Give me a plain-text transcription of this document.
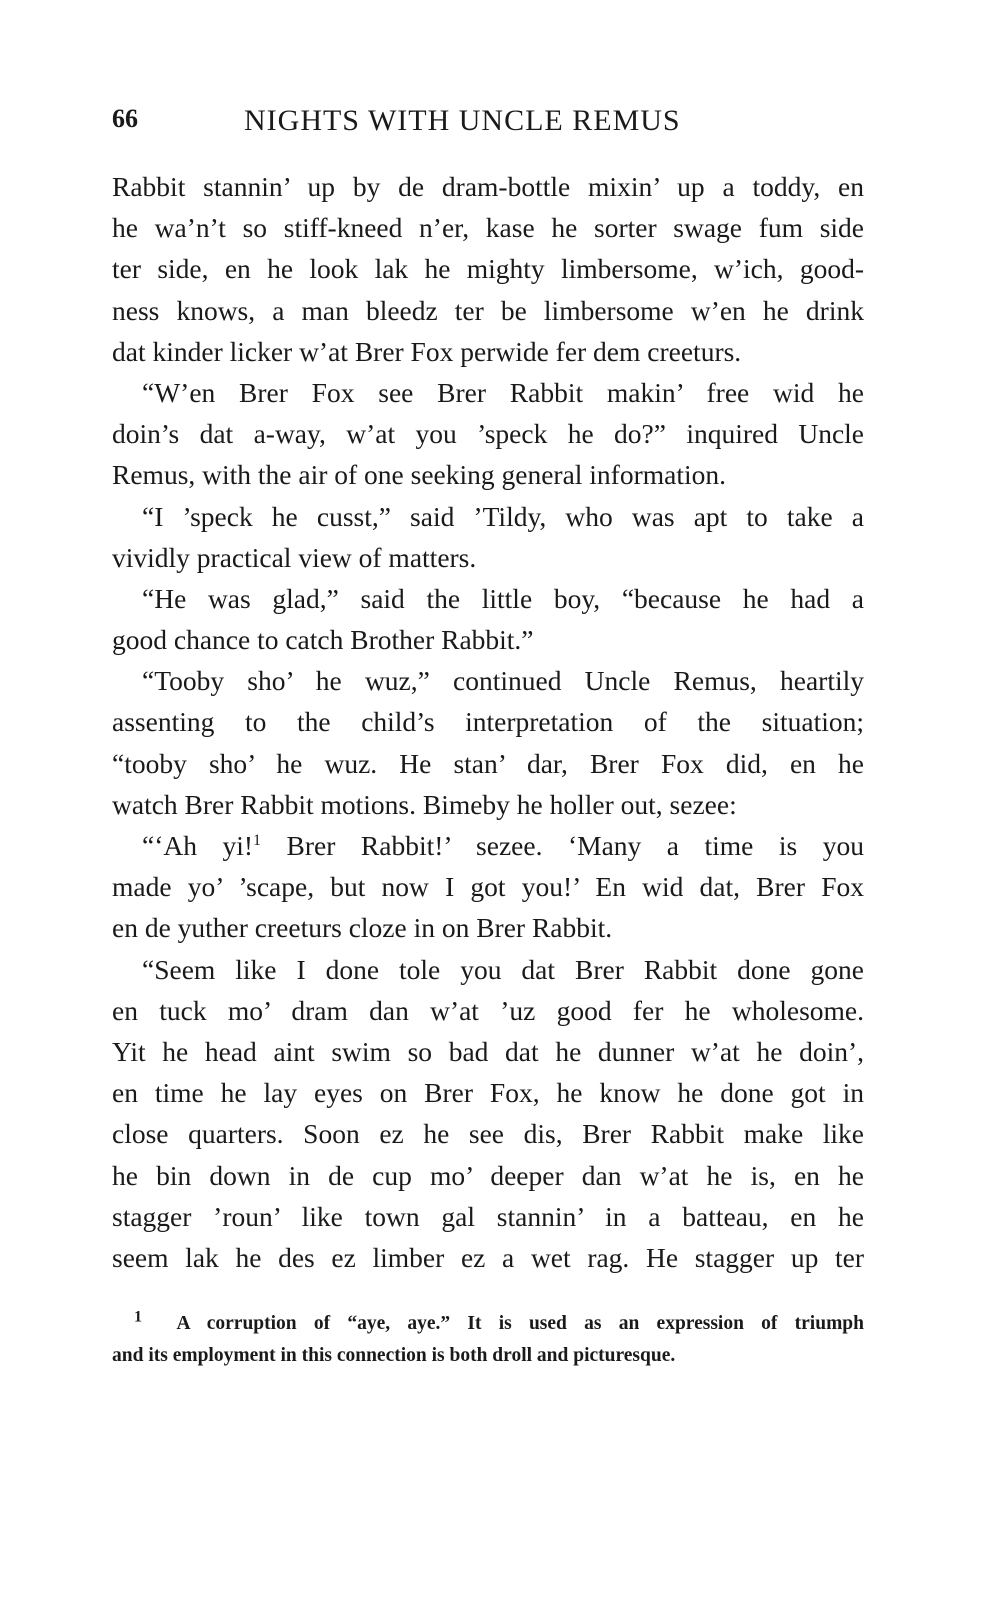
66	NIGHTS WITH UNCLE REMUS
Rabbit stannin’ up by de dram-bottle mixin’ up a toddy, en
he wa’n’t so stiff-kneed n’er, kase he sorter swage fum side
ter side, en he look lak he mighty limbersome, w’ich, good-
ness knows, a man bleedz ter be limbersome w’en he drink
dat kinder licker w’at Brer Fox perwide fer dem creeturs.
“W’en Brer Fox see Brer Rabbit makin’ free wid he
doin’s dat a-way, w’at you ’speck he do?” inquired Uncle
Remus, with the air of one seeking general information.
“I ’speck he cusst,” said ’Tildy, who was apt to take a
vividly practical view of matters.
“He was glad,” said the little boy, “because he had a
good chance to catch Brother Rabbit.”
“Tooby sho’ he wuz,” continued Uncle Remus, heartily
assenting to the child’s interpretation of the situation;
“tooby sho’ he wuz. He stan’ dar, Brer Fox did, en he
watch Brer Rabbit motions. Bimeby he holler out, sezee:
“‘Ah yi!$^1$ Brer Rabbit!’ sezee. ‘Many a time is you
made yo’ ’scape, but now I got you!’ En wid dat, Brer Fox
en de yuther creeturs cloze in on Brer Rabbit.
“Seem like I done tole you dat Brer Rabbit done gone
en tuck mo’ dram dan w’at ’uz good fer he wholesome.
Yit he head aint swim so bad dat he dunner w’at he doin’,
en time he lay eyes on Brer Fox, he know he done got in
close quarters. Soon ez he see dis, Brer Rabbit make like
he bin down in de cup mo’ deeper dan w’at he is, en he
stagger ’roun’ like town gal stannin’ in a batteau, en he
seem lak he des ez limber ez a wet rag. He stagger up ter
$^1$ A corruption of “aye, aye.” It is used as an expression of triumph
and its employment in this connection is both droll and picturesque.
